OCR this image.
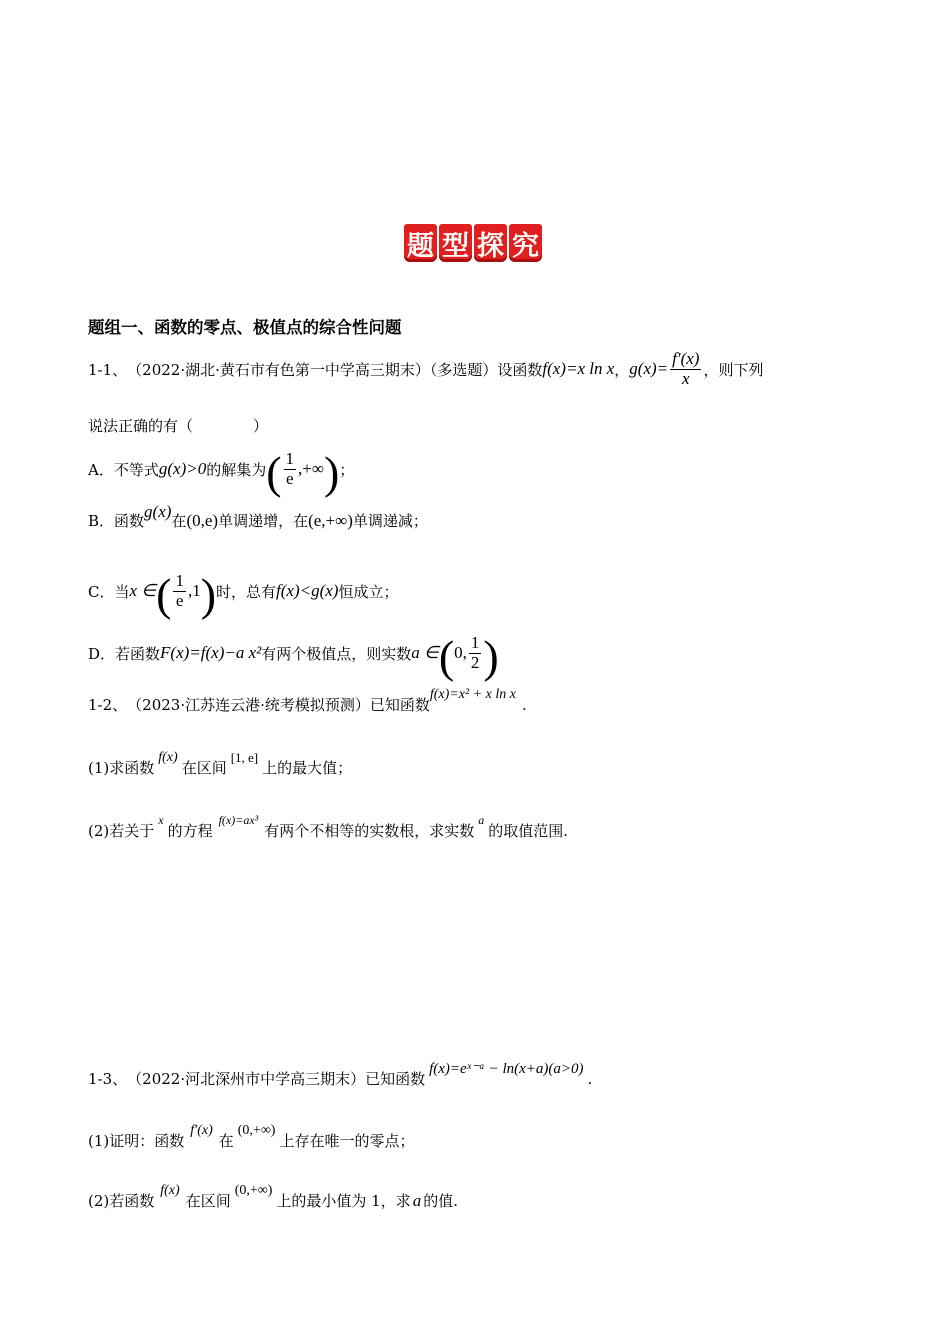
题 型 探 究
题组一、函数的零点、极值点的综合性问题
1-1、 （2022·湖北·黄石市有色第一中学高三期末）（多选题）设函数 f(x)=x ln x ， $g(x)= \frac{f'(x)}{x}$ ，则下列
说法正确的有（　　　　）
A． 不等式 g(x)>0 的解集为 ( $\frac{1}{e}$ ,+∞ ) ；
B． 函数
g(x)
在 (0,e) 单调递增，在 (e,+∞) 单调递减；
C． 当 x ∈ ( $\frac{1}{e} ,1$ ) 时，总有 f(x)<g(x) 恒成立；
D． 若函数 F(x)=f(x)−a x² 有两个极值点，则实数 a ∈ ( 0, $\frac{1}{2}$ )
1-2、 （2023·江苏连云港·统考模拟预测）已知函数
f(x)=x² + x ln x
.
(1)求函数
f(x)
在区间
[1, e]
上的最大值；
(2)若关于
x
的方程
f(x)=ax³
有两个不相等的实数根，求实数
a
的取值范围.
1-3、 （2022·河北深州市中学高三期末）已知函数
f(x)=eˣ⁻ᵃ − ln(x+a)(a>0)
.
(1)证明：函数
f′(x)
在
(0,+∞)
上存在唯一的零点；
(2)若函数
f(x)
在区间
(0,+∞)
上的最小值为 1，求 a 的值.
